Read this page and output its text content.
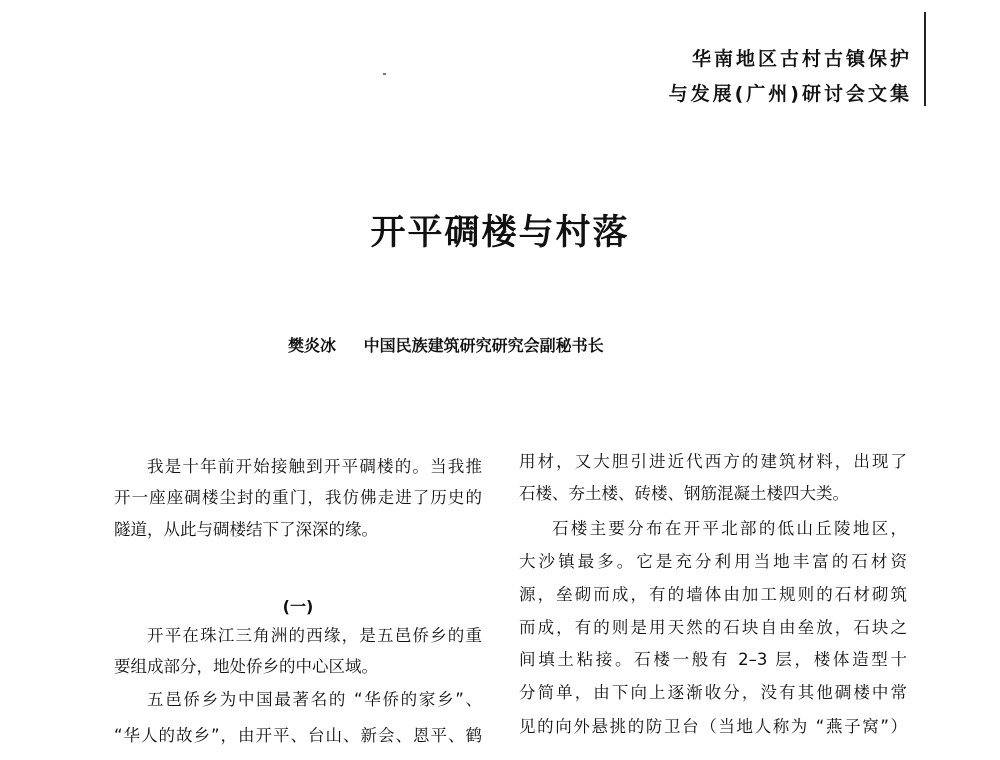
华南地区古村古镇保护
与发展(广州)研讨会文集
开平碉楼与村落
樊炎冰 中国民族建筑研究研究会副秘书长
我是十年前开始接触到开平碉楼的。当我推
开一座座碉楼尘封的重门，我仿佛走进了历史的
隧道，从此与碉楼结下了深深的缘。
(一)
开平在珠江三角洲的西缘，是五邑侨乡的重
要组成部分，地处侨乡的中心区域。
五邑侨乡为中国最著名的 “华侨的家乡”、
“华人的故乡”，由开平、台山、新会、恩平、鹤
用材，又大胆引进近代西方的建筑材料，出现了
石楼、夯土楼、砖楼、钢筋混凝土楼四大类。
石楼主要分布在开平北部的低山丘陵地区，
大沙镇最多。它是充分利用当地丰富的石材资
源，垒砌而成，有的墙体由加工规则的石材砌筑
而成，有的则是用天然的石块自由垒放，石块之
间填土粘接。石楼一般有 2–3 层，楼体造型十
分简单，由下向上逐渐收分，没有其他碉楼中常
见的向外悬挑的防卫台（当地人称为 “燕子窝”）
